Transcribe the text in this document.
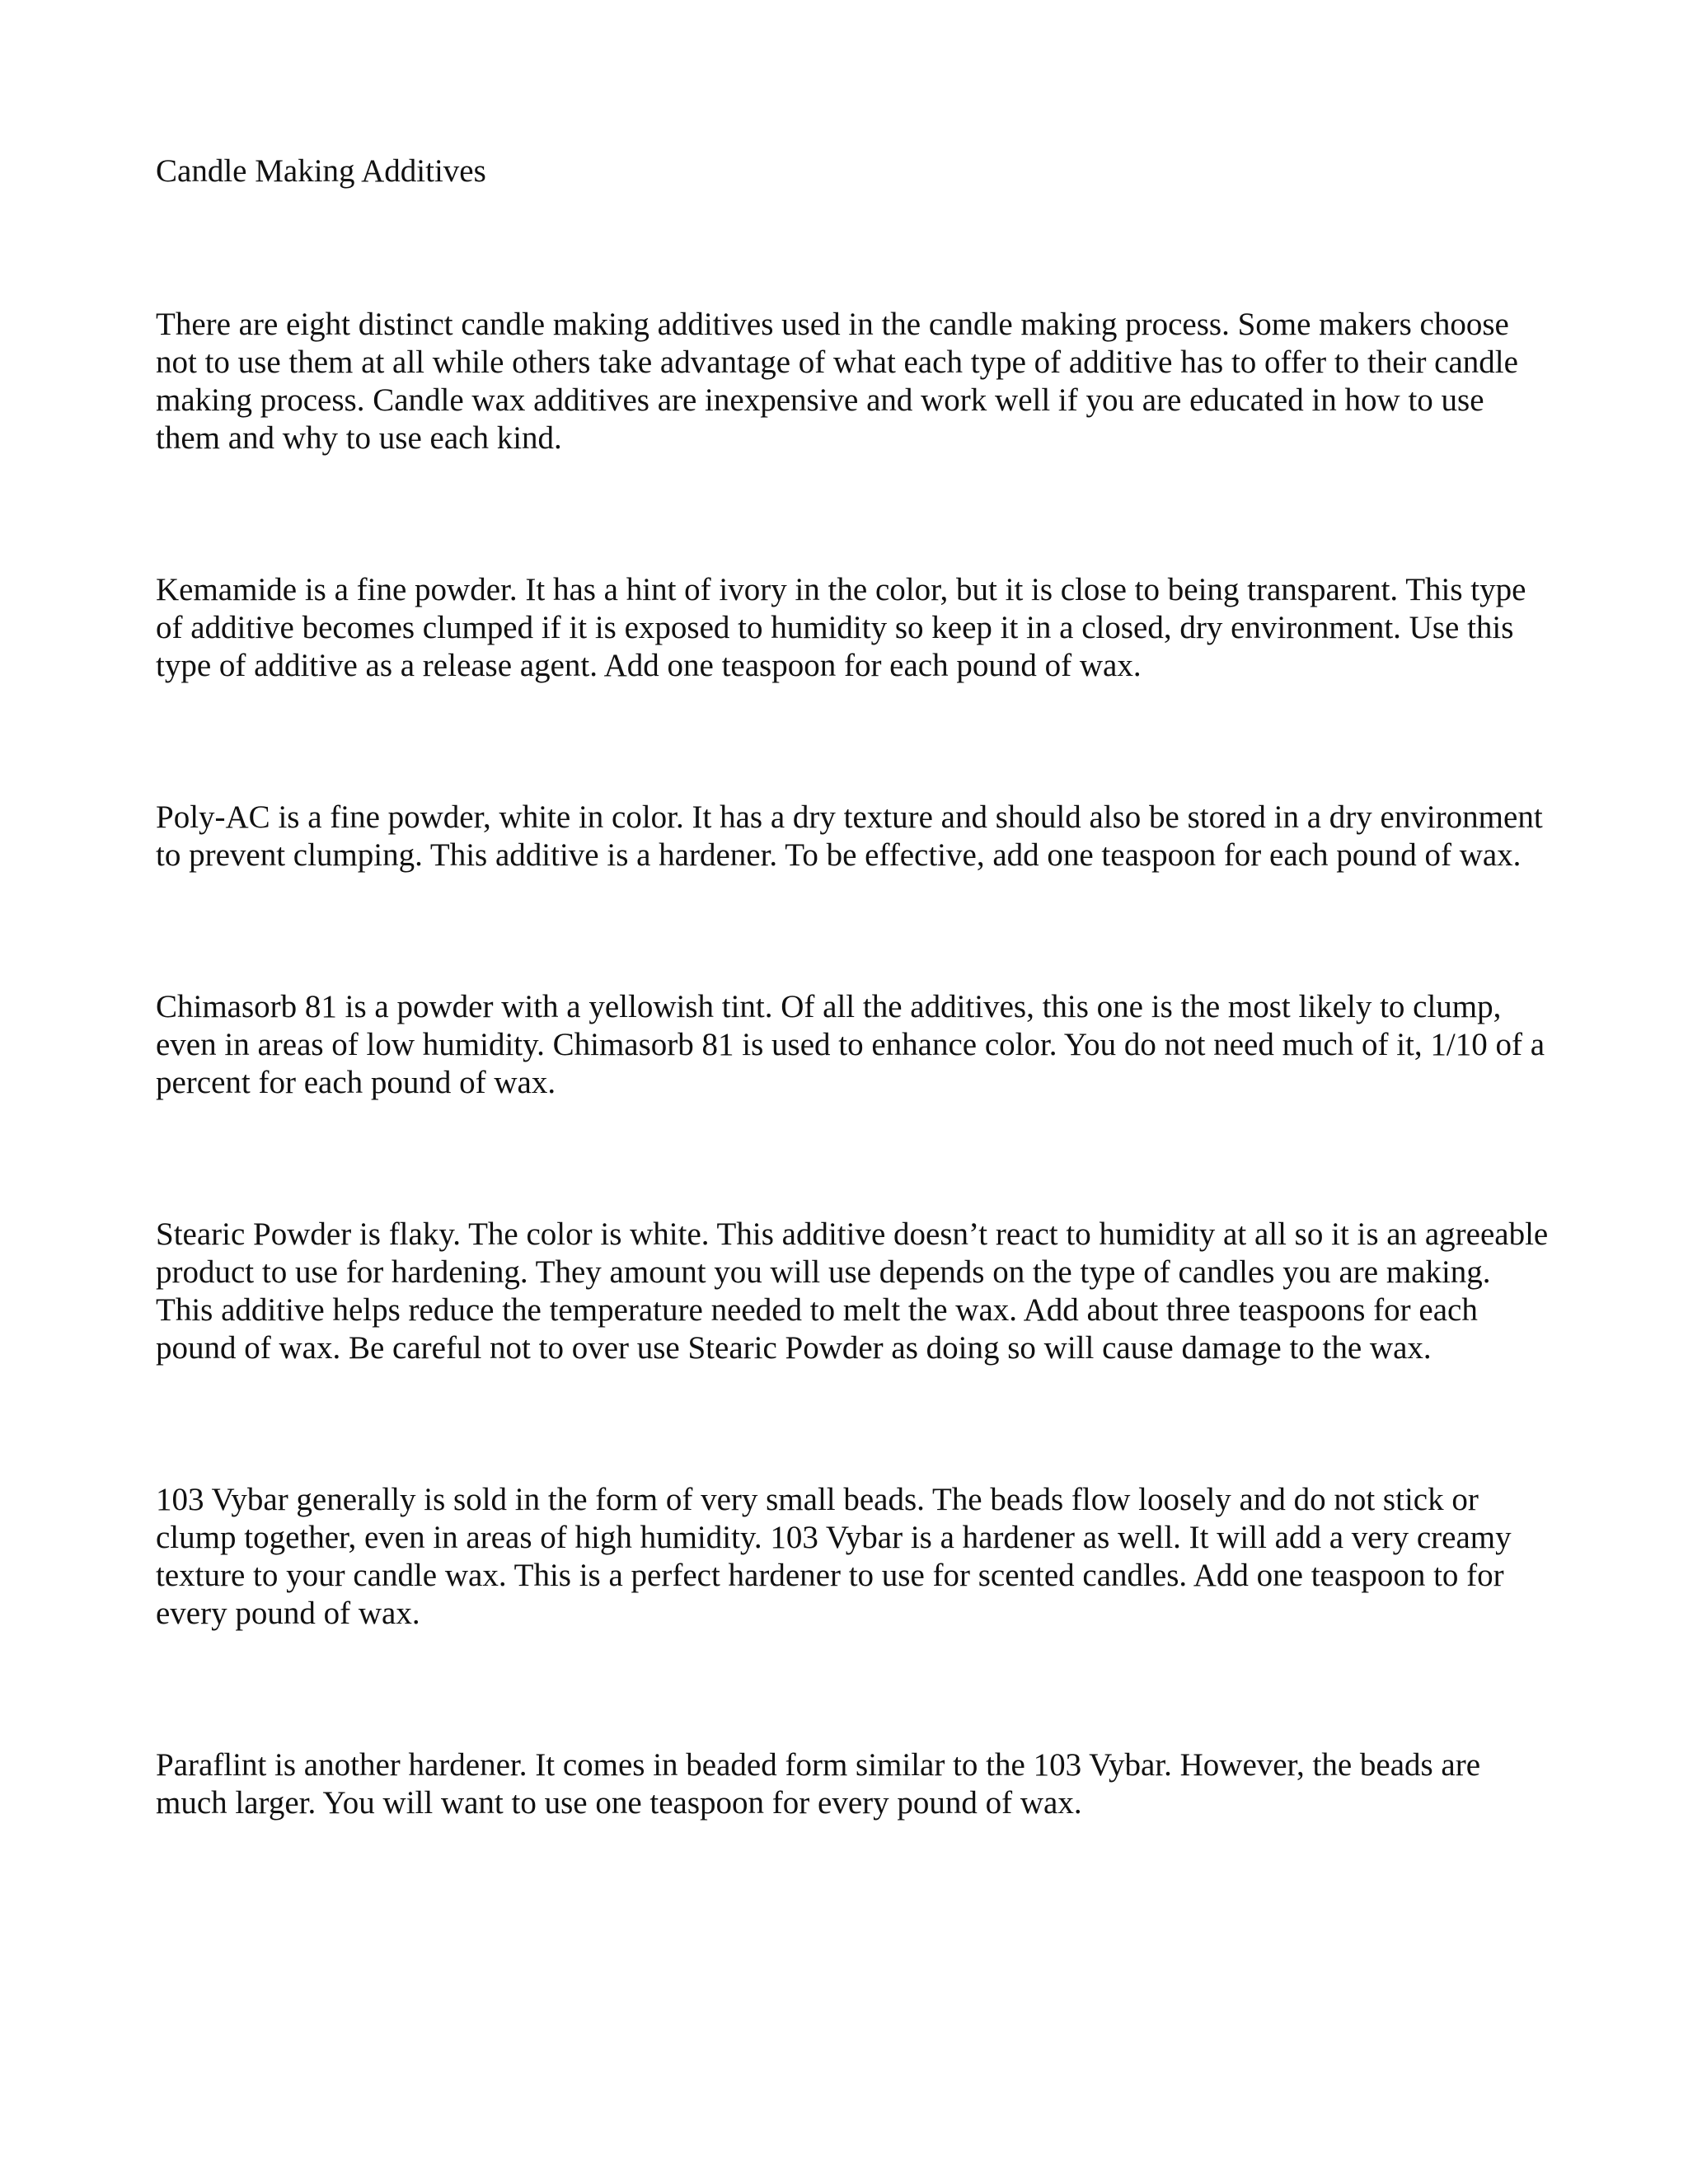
Candle Making Additives

There are eight distinct candle making additives used in the candle making process. Some makers choose not to use them at all while others take advantage of what each type of additive has to offer to their candle making process. Candle wax additives are inexpensive and work well if you are educated in how to use them and why to use each kind.

Kemamide is a fine powder. It has a hint of ivory in the color, but it is close to being transparent. This type of additive becomes clumped if it is exposed to humidity so keep it in a closed, dry environment. Use this type of additive as a release agent. Add one teaspoon for each pound of wax.

Poly-AC is a fine powder, white in color. It has a dry texture and should also be stored in a dry environment to prevent clumping. This additive is a hardener. To be effective, add one teaspoon for each pound of wax.

Chimasorb 81 is a powder with a yellowish tint. Of all the additives, this one is the most likely to clump, even in areas of low humidity. Chimasorb 81 is used to enhance color. You do not need much of it, 1/10 of a percent for each pound of wax.

Stearic Powder is flaky. The color is white. This additive doesn’t react to humidity at all so it is an agreeable product to use for hardening. They amount you will use depends on the type of candles you are making. This additive helps reduce the temperature needed to melt the wax. Add about three teaspoons for each pound of wax. Be careful not to over use Stearic Powder as doing so will cause damage to the wax.

103 Vybar generally is sold in the form of very small beads. The beads flow loosely and do not stick or clump together, even in areas of high humidity. 103 Vybar is a hardener as well. It will add a very creamy texture to your candle wax. This is a perfect hardener to use for scented candles. Add one teaspoon to for every pound of wax.

Paraflint is another hardener. It comes in beaded form similar to the 103 Vybar. However, the beads are much larger. You will want to use one teaspoon for every pound of wax.
